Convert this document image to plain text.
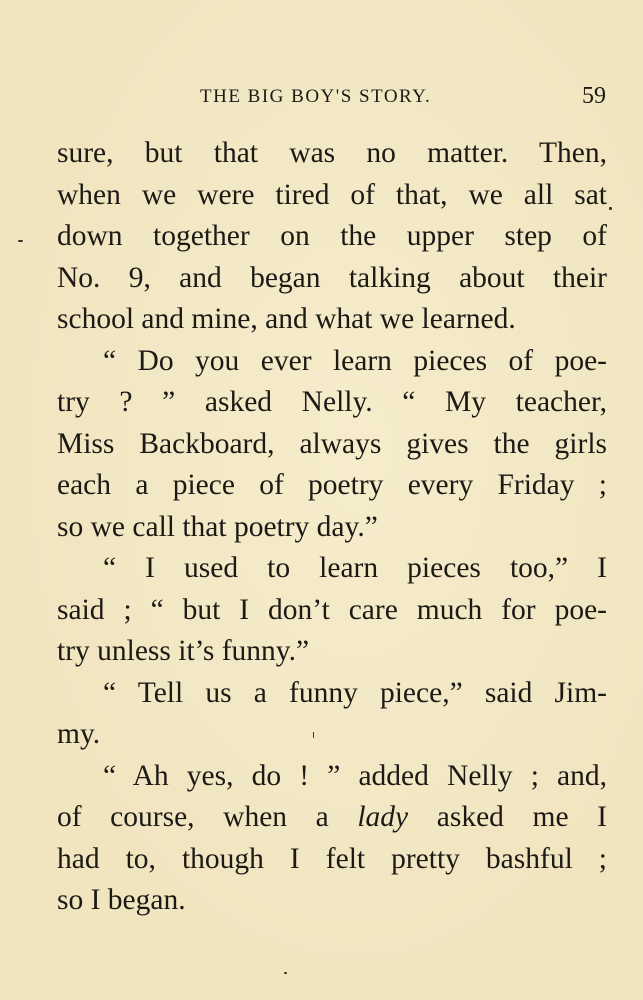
THE BIG BOY'S STORY.	59
sure, but that was no matter. Then,
when we were tired of that, we all sat
down together on the upper step of
No. 9, and began talking about their
school and mine, and what we learned.
“ Do you ever learn pieces of poe-
try ? ” asked Nelly. “ My teacher,
Miss Backboard, always gives the girls
each a piece of poetry every Friday ;
so we call that poetry day.”
“ I used to learn pieces too,” I
said ; “ but I don’t care much for poe-
try unless it’s funny.”
“ Tell us a funny piece,” said Jim-
my.
“ Ah yes, do ! ” added Nelly ; and,
of course, when a lady asked me I
had to, though I felt pretty bashful ;
so I began.
